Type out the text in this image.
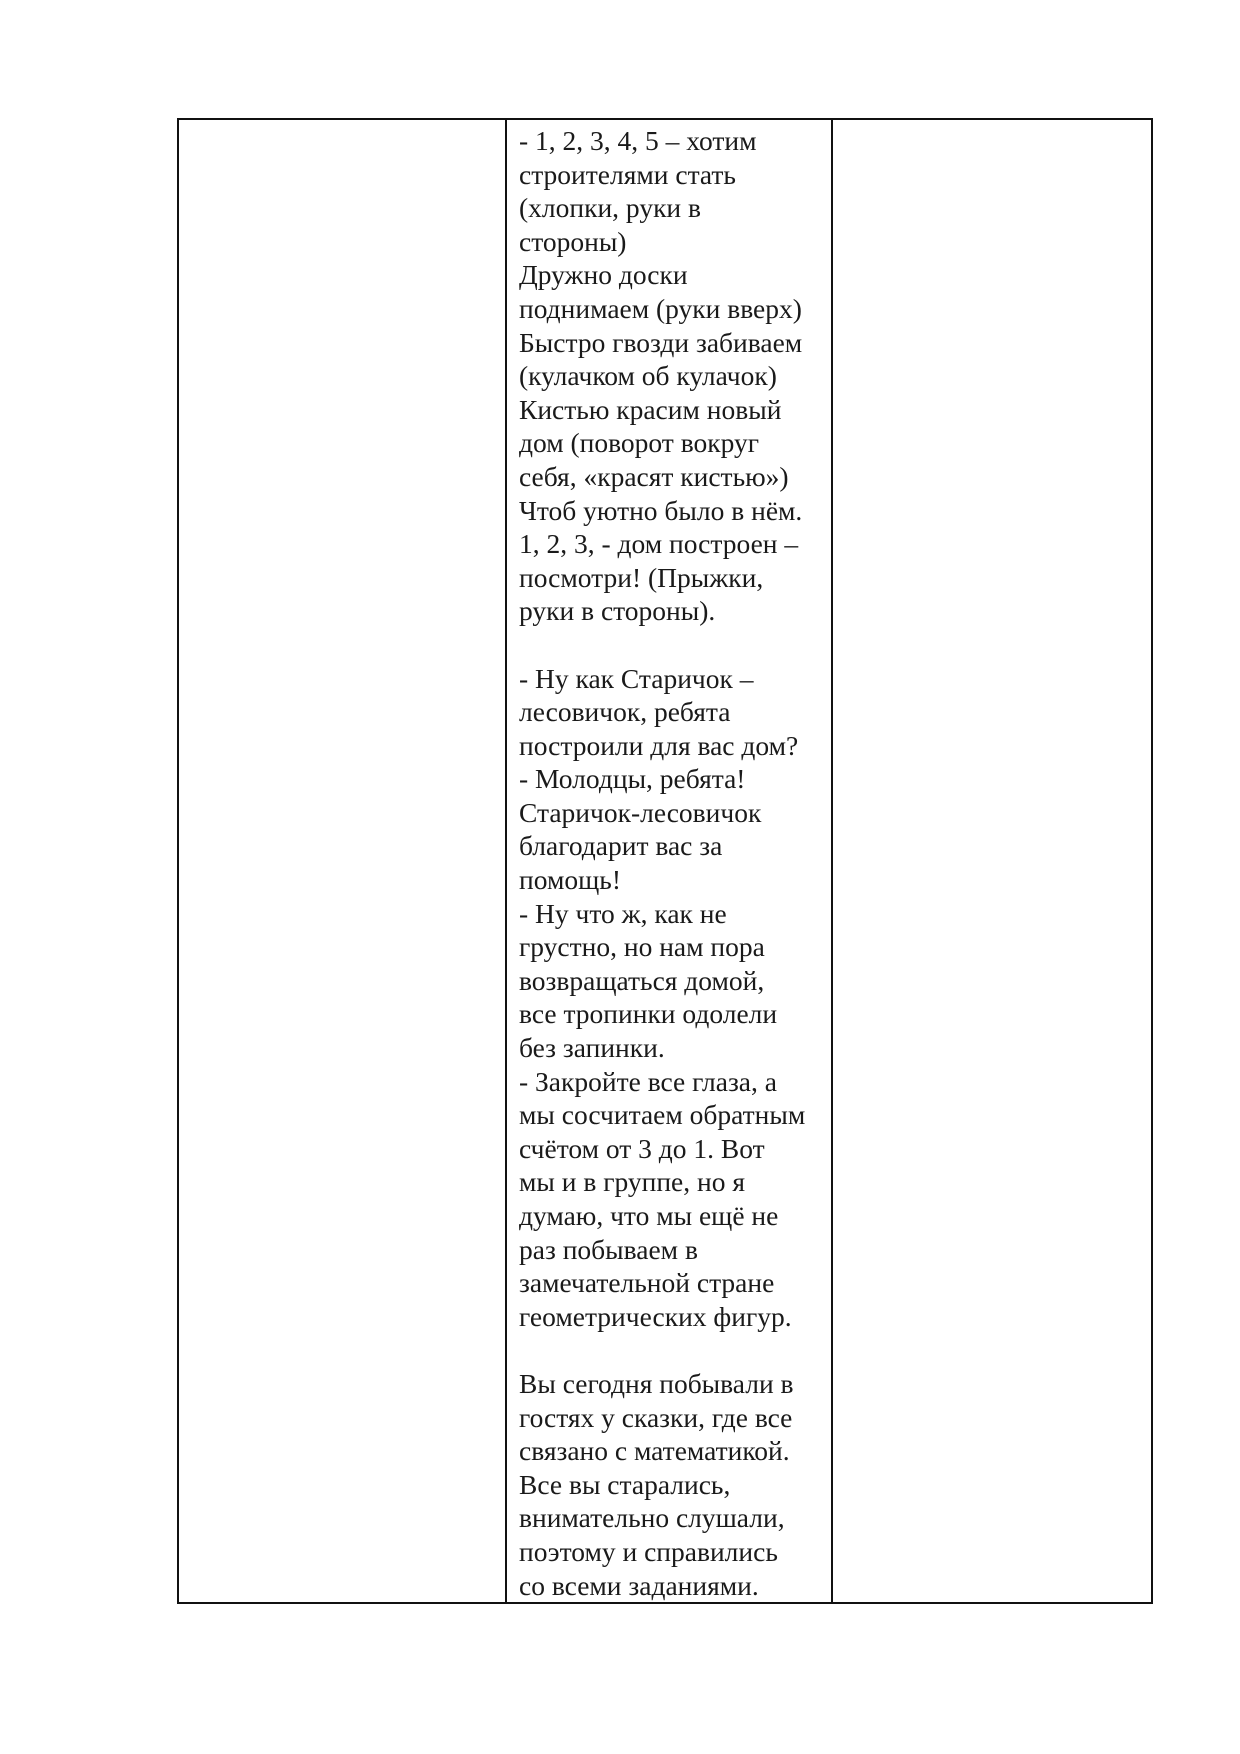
- 1, 2, 3, 4, 5 – хотим
строителями стать
(хлопки, руки в
стороны)
Дружно доски
поднимаем (руки вверх)
Быстро гвозди забиваем
(кулачком об кулачок)
Кистью красим новый
дом (поворот вокруг
себя, «красят кистью»)
Чтоб уютно было в нём.
1, 2, 3, - дом построен –
посмотри! (Прыжки,
руки в стороны).
- Ну как Старичок –
лесовичок, ребята
построили для вас дом?
- Молодцы, ребята!
Старичок-лесовичок
благодарит вас за
помощь!
- Ну что ж, как не
грустно, но нам пора
возвращаться домой,
все тропинки одолели
без запинки.
- Закройте все глаза, а
мы сосчитаем обратным
счётом от 3 до 1. Вот
мы и в группе, но я
думаю, что мы ещё не
раз побываем в
замечательной стране
геометрических фигур.
Вы сегодня побывали в
гостях у сказки, где все
связано с математикой.
Все вы старались,
внимательно слушали,
поэтому и справились
со всеми заданиями.
